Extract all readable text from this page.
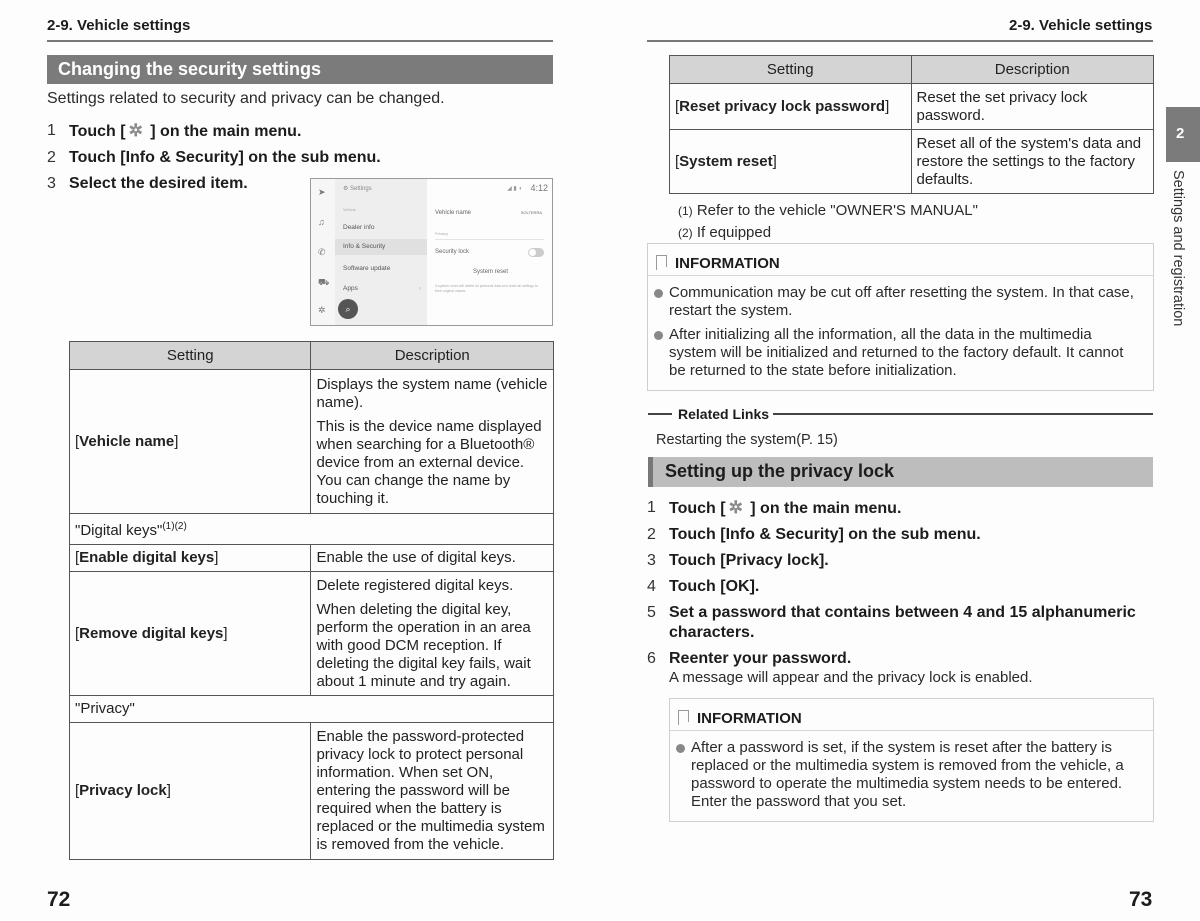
2-9. Vehicle settings
Changing the security settings
Settings related to security and privacy can be changed.
1 Touch [ ✲ ] on the main menu.
2 Touch [Info & Security] on the sub menu.
3 Select the desired item.	➤
♫
✆
⛟
✲
⚙ Settings
Vehicle
Dealer info
Info & Security
Software update
Apps	›
⌕
◢ ▮ ◖ 4:12
Vehicle name	SOLTERRA
Privacy
Security lock
System reset
A system reset will delete all personal data and reset all settings to their original values.
Setting	Description
[Vehicle name]	Displays the system name (vehicle name).

This is the device name displayed when searching for a Bluetooth® device from an external device. You can change the name by touching it.

"Digital keys"$^{(1)(2)}$
[Enable digital keys]	Enable the use of digital keys.
[Remove digital keys]	Delete registered digital keys.

When deleting the digital key, perform the operation in an area with good DCM reception. If deleting the digital key fails, wait about 1 minute and try again.

"Privacy"	
[Privacy lock]	Enable the password-protected privacy lock to protect personal information. When set ON, entering the password will be required when the battery is replaced or the multimedia system is removed from the vehicle.
72
2-9. Vehicle settings
Setting	Description
[Reset privacy lock password]	Reset the set privacy lock password.
[System reset]	Reset all of the system's data and restore the settings to the factory defaults.
(1) Refer to the vehicle "OWNER'S MANUAL"
(2) If equipped
INFORMATION
Communication may be cut off after resetting the system. In that case, restart the system.
After initializing all the information, all the data in the multimedia system will be initialized and returned to the factory default. It cannot be returned to the state before initialization.
Related Links
Restarting the system(P. 15)
Setting up the privacy lock
1 Touch [ ✲ ] on the main menu.
2 Touch [Info & Security] on the sub menu.
3 Touch [Privacy lock].
4 Touch [OK].
5 Set a password that contains between 4 and 15 alphanumeric characters.
6 Reenter your password.
A message will appear and the privacy lock is enabled.
INFORMATION
After a password is set, if the system is reset after the battery is replaced or the multimedia system is removed from the vehicle, a password to operate the multimedia system needs to be entered. Enter the password that you set.
2
Settings and registration
73
